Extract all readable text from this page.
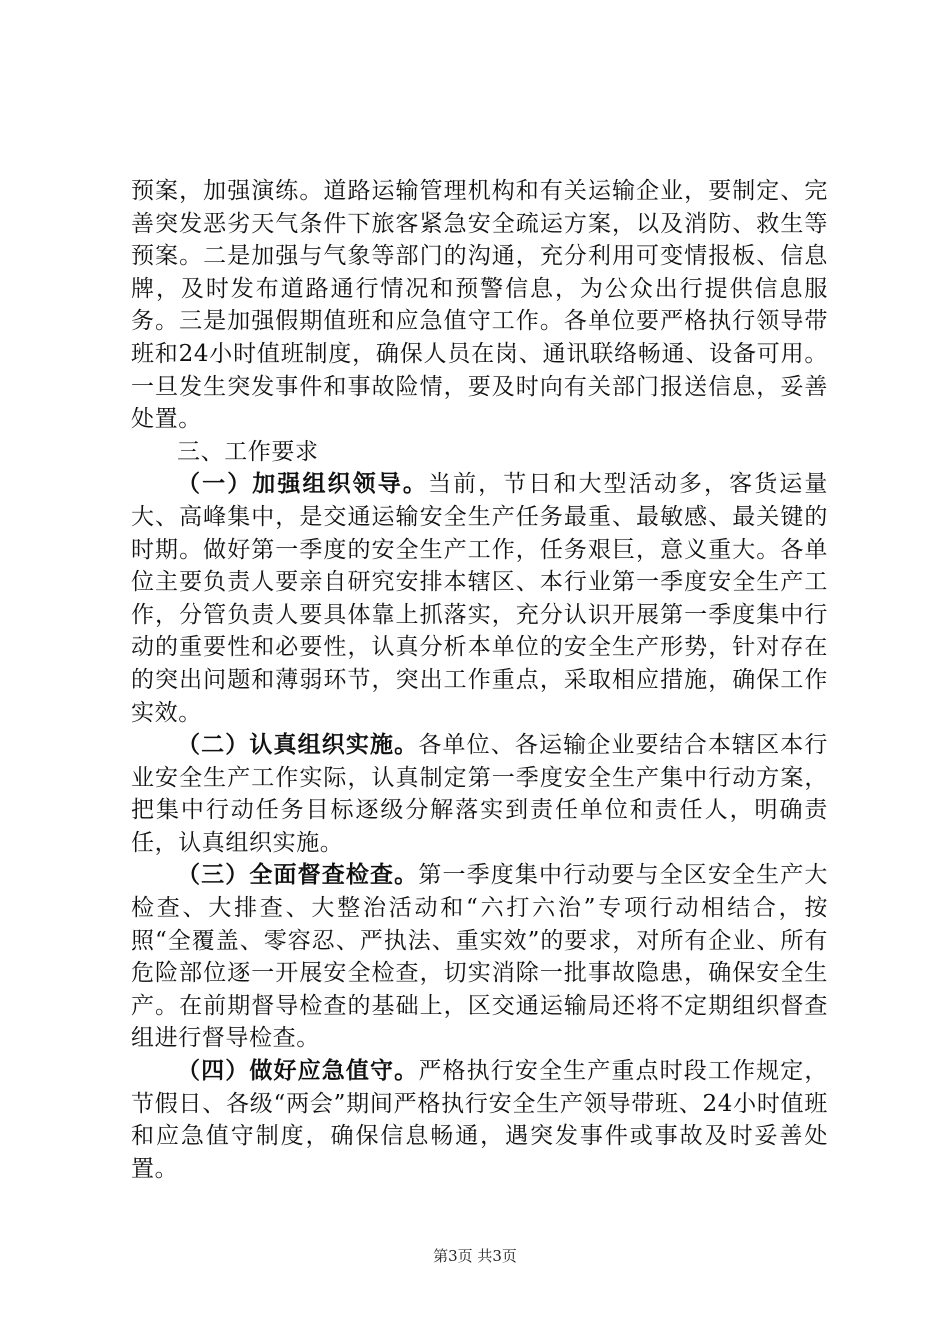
预案，加强演练。道路运输管理机构和有关运输企业，要制定、完善突发恶劣天气条件下旅客紧急安全疏运方案，以及消防、救生等预案。二是加强与气象等部门的沟通，充分利用可变情报板、信息牌，及时发布道路通行情况和预警信息，为公众出行提供信息服务。三是加强假期值班和应急值守工作。各单位要严格执行领导带班和24小时值班制度，确保人员在岗、通讯联络畅通、设备可用。一旦发生突发事件和事故险情，要及时向有关部门报送信息，妥善处置。

三、工作要求

（一）加强组织领导。当前，节日和大型活动多，客货运量大、高峰集中，是交通运输安全生产任务最重、最敏感、最关键的时期。做好第一季度的安全生产工作，任务艰巨，意义重大。各单位主要负责人要亲自研究安排本辖区、本行业第一季度安全生产工作，分管负责人要具体靠上抓落实，充分认识开展第一季度集中行动的重要性和必要性，认真分析本单位的安全生产形势，针对存在的突出问题和薄弱环节，突出工作重点，采取相应措施，确保工作实效。

（二）认真组织实施。各单位、各运输企业要结合本辖区本行业安全生产工作实际，认真制定第一季度安全生产集中行动方案，把集中行动任务目标逐级分解落实到责任单位和责任人，明确责任，认真组织实施。

（三）全面督查检查。第一季度集中行动要与全区安全生产大检查、大排查、大整治活动和“六打六治”专项行动相结合，按照“全覆盖、零容忍、严执法、重实效”的要求，对所有企业、所有危险部位逐一开展安全检查，切实消除一批事故隐患，确保安全生产。在前期督导检查的基础上，区交通运输局还将不定期组织督查组进行督导检查。

（四）做好应急值守。严格执行安全生产重点时段工作规定，节假日、各级“两会”期间严格执行安全生产领导带班、24小时值班和应急值守制度，确保信息畅通，遇突发事件或事故及时妥善处置。

第3页 共3页
